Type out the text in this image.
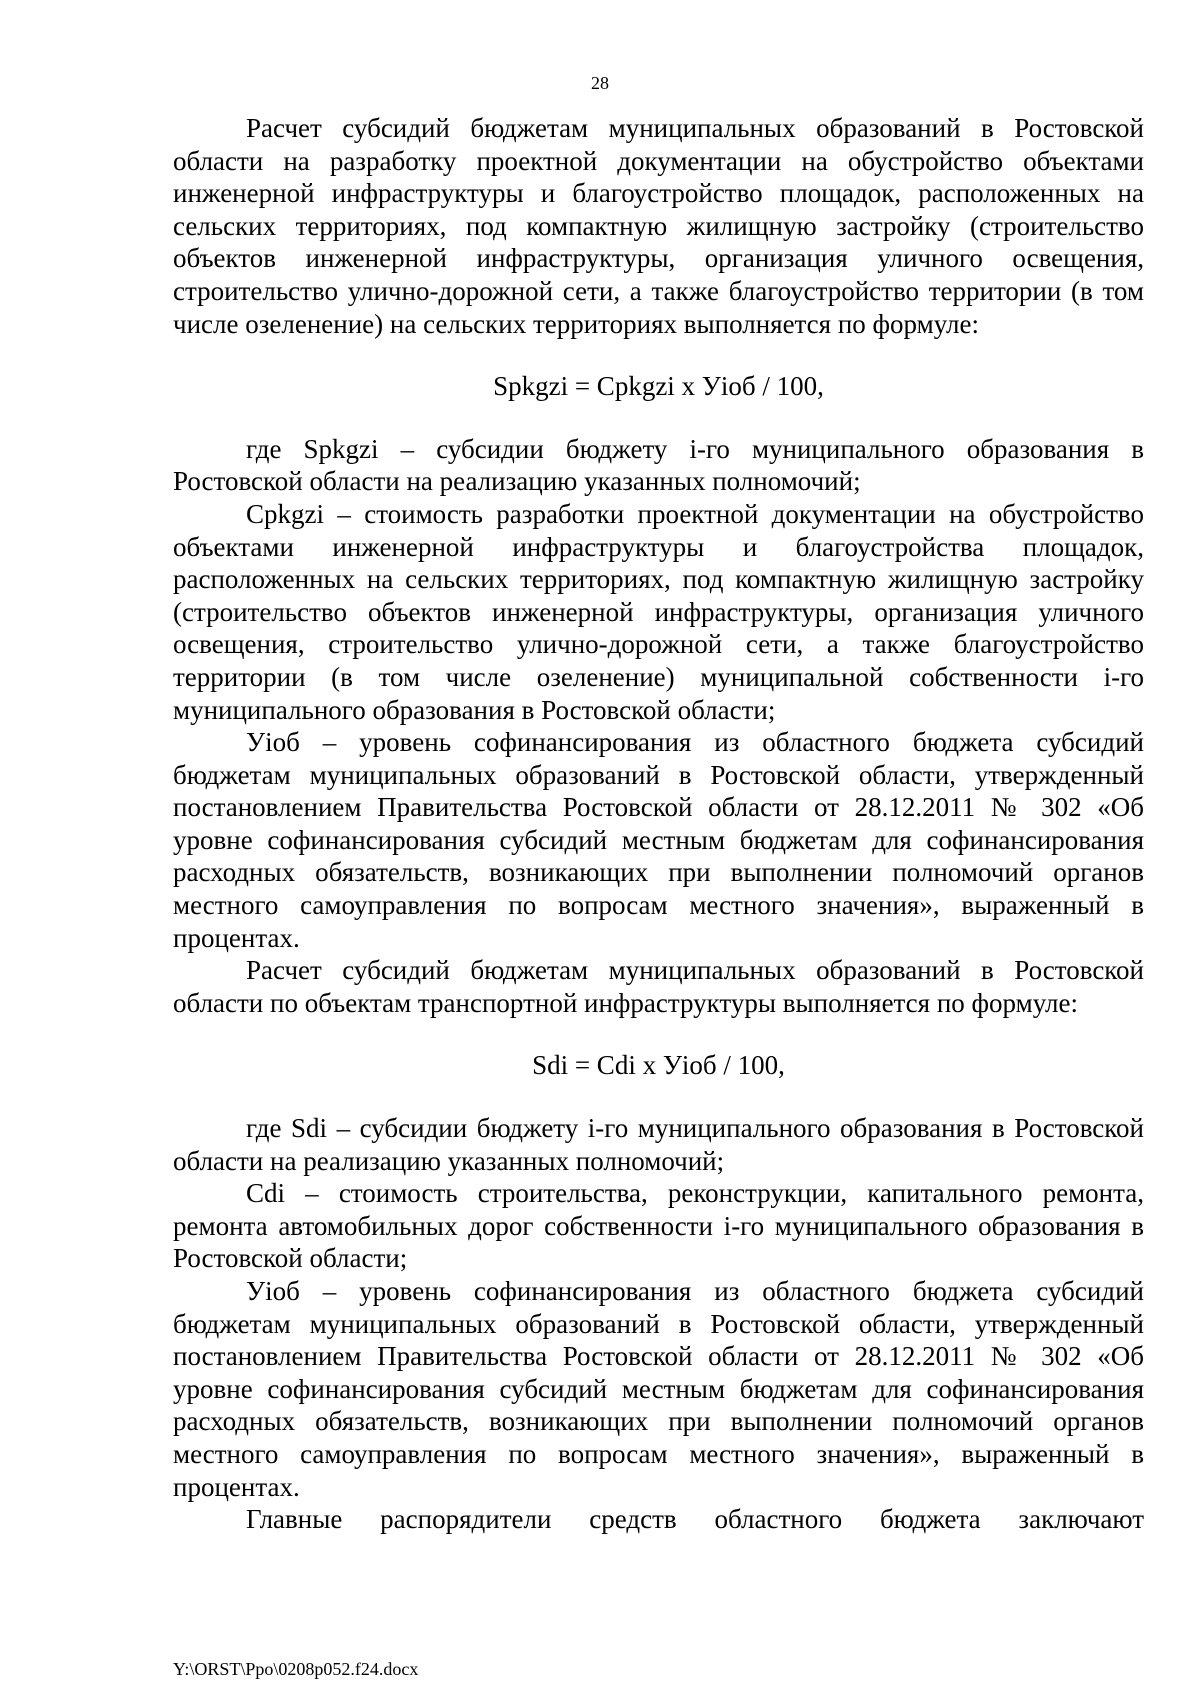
28

Расчет субсидий бюджетам муниципальных образований в Ростовской области на разработку проектной документации на обустройство объектами инженерной инфраструктуры и благоустройство площадок, расположенных на сельских территориях, под компактную жилищную застройку (строительство объектов инженерной инфраструктуры, организация уличного освещения, строительство улично-дорожной сети, а также благоустройство территории (в том числе озеленение) на сельских территориях выполняется по формуле:

Spkgzi = Cpkgzi x Уioб / 100,

где Spkgzi – субсидии бюджету i-го муниципального образования в Ростовской области на реализацию указанных полномочий;

Cpkgzi – стоимость разработки проектной документации на обустройство объектами инженерной инфраструктуры и благоустройства площадок, расположенных на сельских территориях, под компактную жилищную застройку (строительство объектов инженерной инфраструктуры, организация уличного освещения, строительство улично-дорожной сети, а также благоустройство территории (в том числе озеленение) муниципальной собственности i-го муниципального образования в Ростовской области;

Уioб – уровень софинансирования из областного бюджета субсидий бюджетам муниципальных образований в Ростовской области, утвержденный постановлением Правительства Ростовской области от 28.12.2011 № 302 «Об уровне софинансирования субсидий местным бюджетам для софинансирования расходных обязательств, возникающих при выполнении полномочий органов местного самоуправления по вопросам местного значения», выраженный в процентах.

Расчет субсидий бюджетам муниципальных образований в Ростовской области по объектам транспортной инфраструктуры выполняется по формуле:

Sdi = Cdi x Уioб / 100,

где Sdi – субсидии бюджету i-го муниципального образования в Ростовской области на реализацию указанных полномочий;

Cdi – стоимость строительства, реконструкции, капитального ремонта, ремонта автомобильных дорог собственности i-го муниципального образования в Ростовской области;

Уioб – уровень софинансирования из областного бюджета субсидий бюджетам муниципальных образований в Ростовской области, утвержденный постановлением Правительства Ростовской области от 28.12.2011 № 302 «Об уровне софинансирования субсидий местным бюджетам для софинансирования расходных обязательств, возникающих при выполнении полномочий органов местного самоуправления по вопросам местного значения», выраженный в процентах.

Главные распорядители средств областного бюджета заключают

Y:\ORST\Ppo\0208p052.f24.docx
